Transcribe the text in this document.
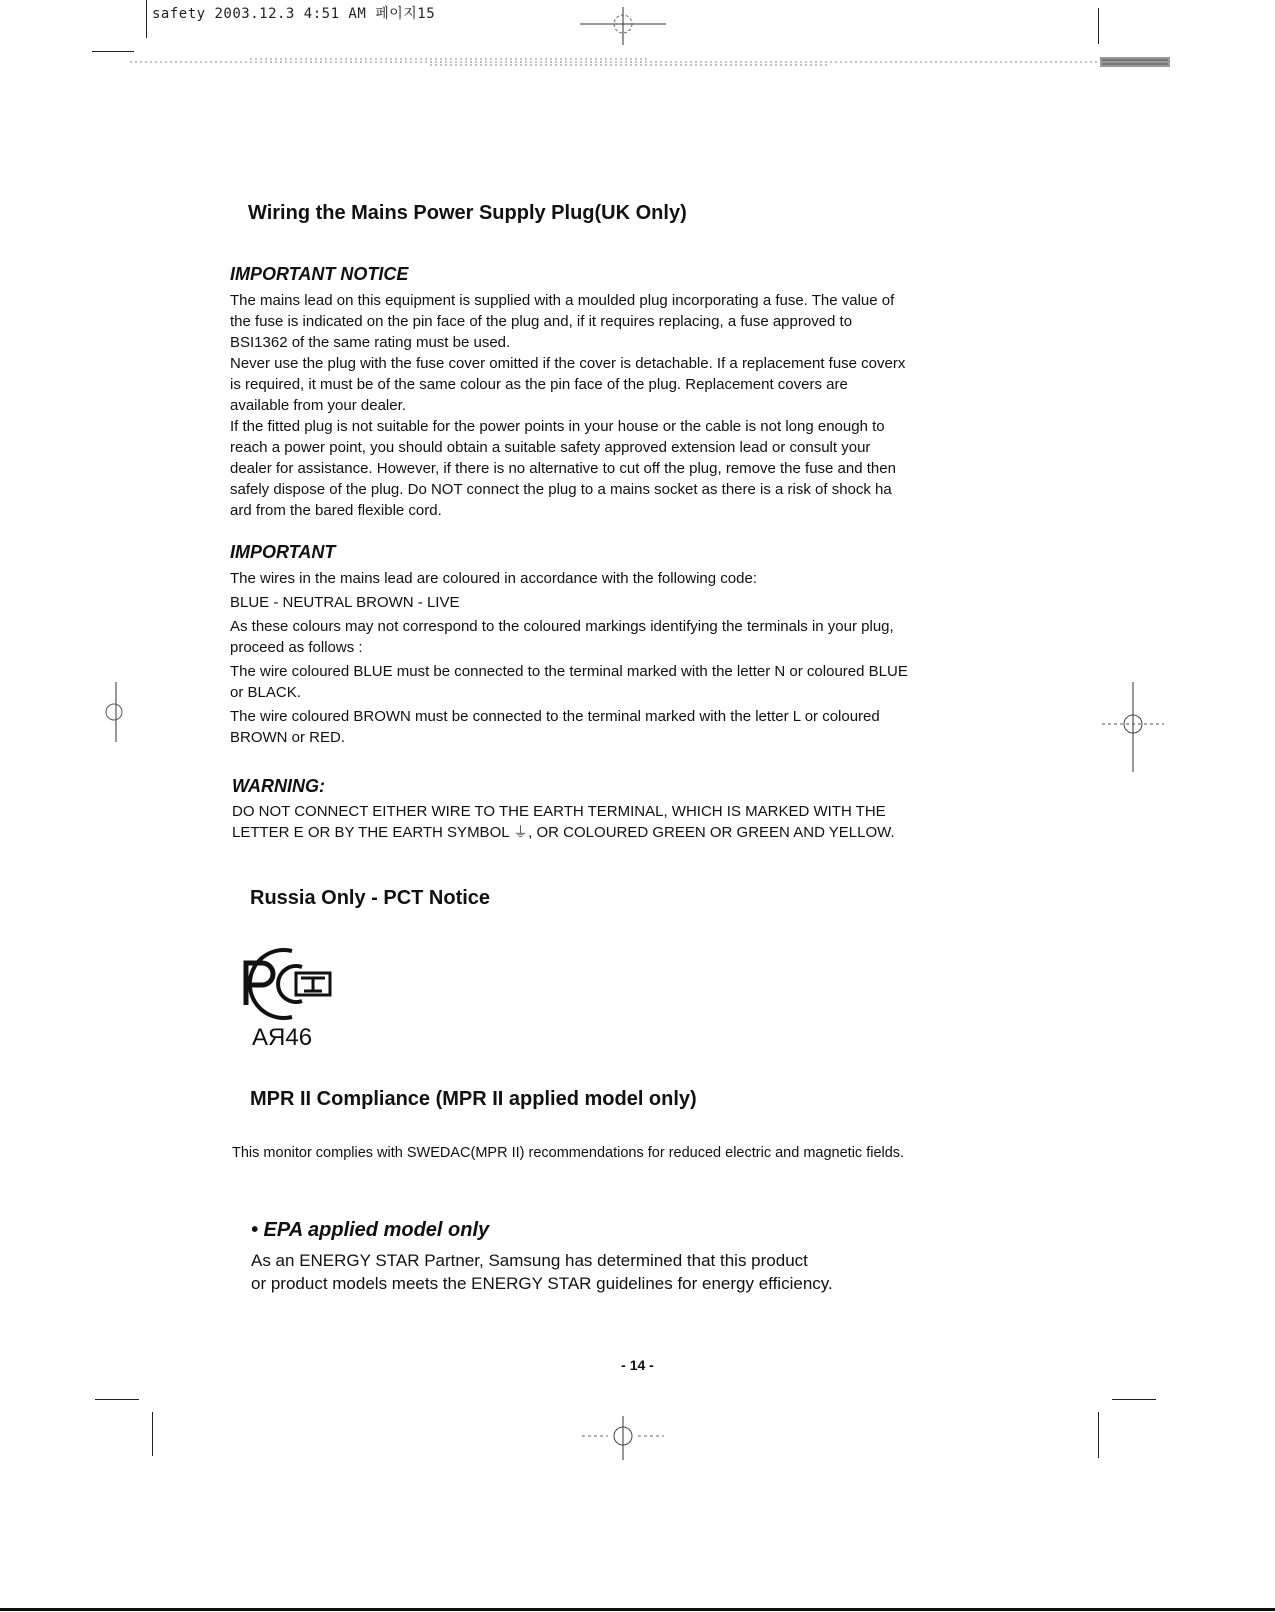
safety 2003.12.3 4:51 AM 페이지15
Wiring the Mains Power Supply Plug(UK Only)
IMPORTANT NOTICE

The mains lead on this equipment is supplied with a moulded plug incorporating a fuse. The value of
the fuse is indicated on the pin face of the plug and, if it requires replacing, a fuse approved to
BSI1362 of the same rating must be used.
Never use the plug with the fuse cover omitted if the cover is detachable. If a replacement fuse coverx
is required, it must be of the same colour as the pin face of the plug. Replacement covers are
available from your dealer.
If the fitted plug is not suitable for the power points in your house or the cable is not long enough to
reach a power point, you should obtain a suitable safety approved extension lead or consult your
dealer for assistance. However, if there is no alternative to cut off the plug, remove the fuse and then
safely dispose of the plug. Do NOT connect the plug to a mains socket as there is a risk of shock ha
ard from the bared flexible cord.

IMPORTANT

The wires in the mains lead are coloured in accordance with the following code:

BLUE - NEUTRAL BROWN - LIVE

As these colours may not correspond to the coloured markings identifying the terminals in your plug,
proceed as follows :

The wire coloured BLUE must be connected to the terminal marked with the letter N or coloured BLUE
or BLACK.

The wire coloured BROWN must be connected to the terminal marked with the letter L or coloured
BROWN or RED.

WARNING:

DO NOT CONNECT EITHER WIRE TO THE EARTH TERMINAL, WHICH IS MARKED WITH THE
LETTER E OR BY THE EARTH SYMBOL ⏚, OR COLOURED GREEN OR GREEN AND YELLOW.

Russia Only - PCT Notice
AЯ46
MPR II Compliance (MPR II applied model only)

This monitor complies with SWEDAC(MPR II) recommendations for reduced electric and magnetic fields.

• EPA applied model only

As an ENERGY STAR Partner, Samsung has determined that this product
or product models meets the ENERGY STAR guidelines for energy efficiency.

- 14 -
